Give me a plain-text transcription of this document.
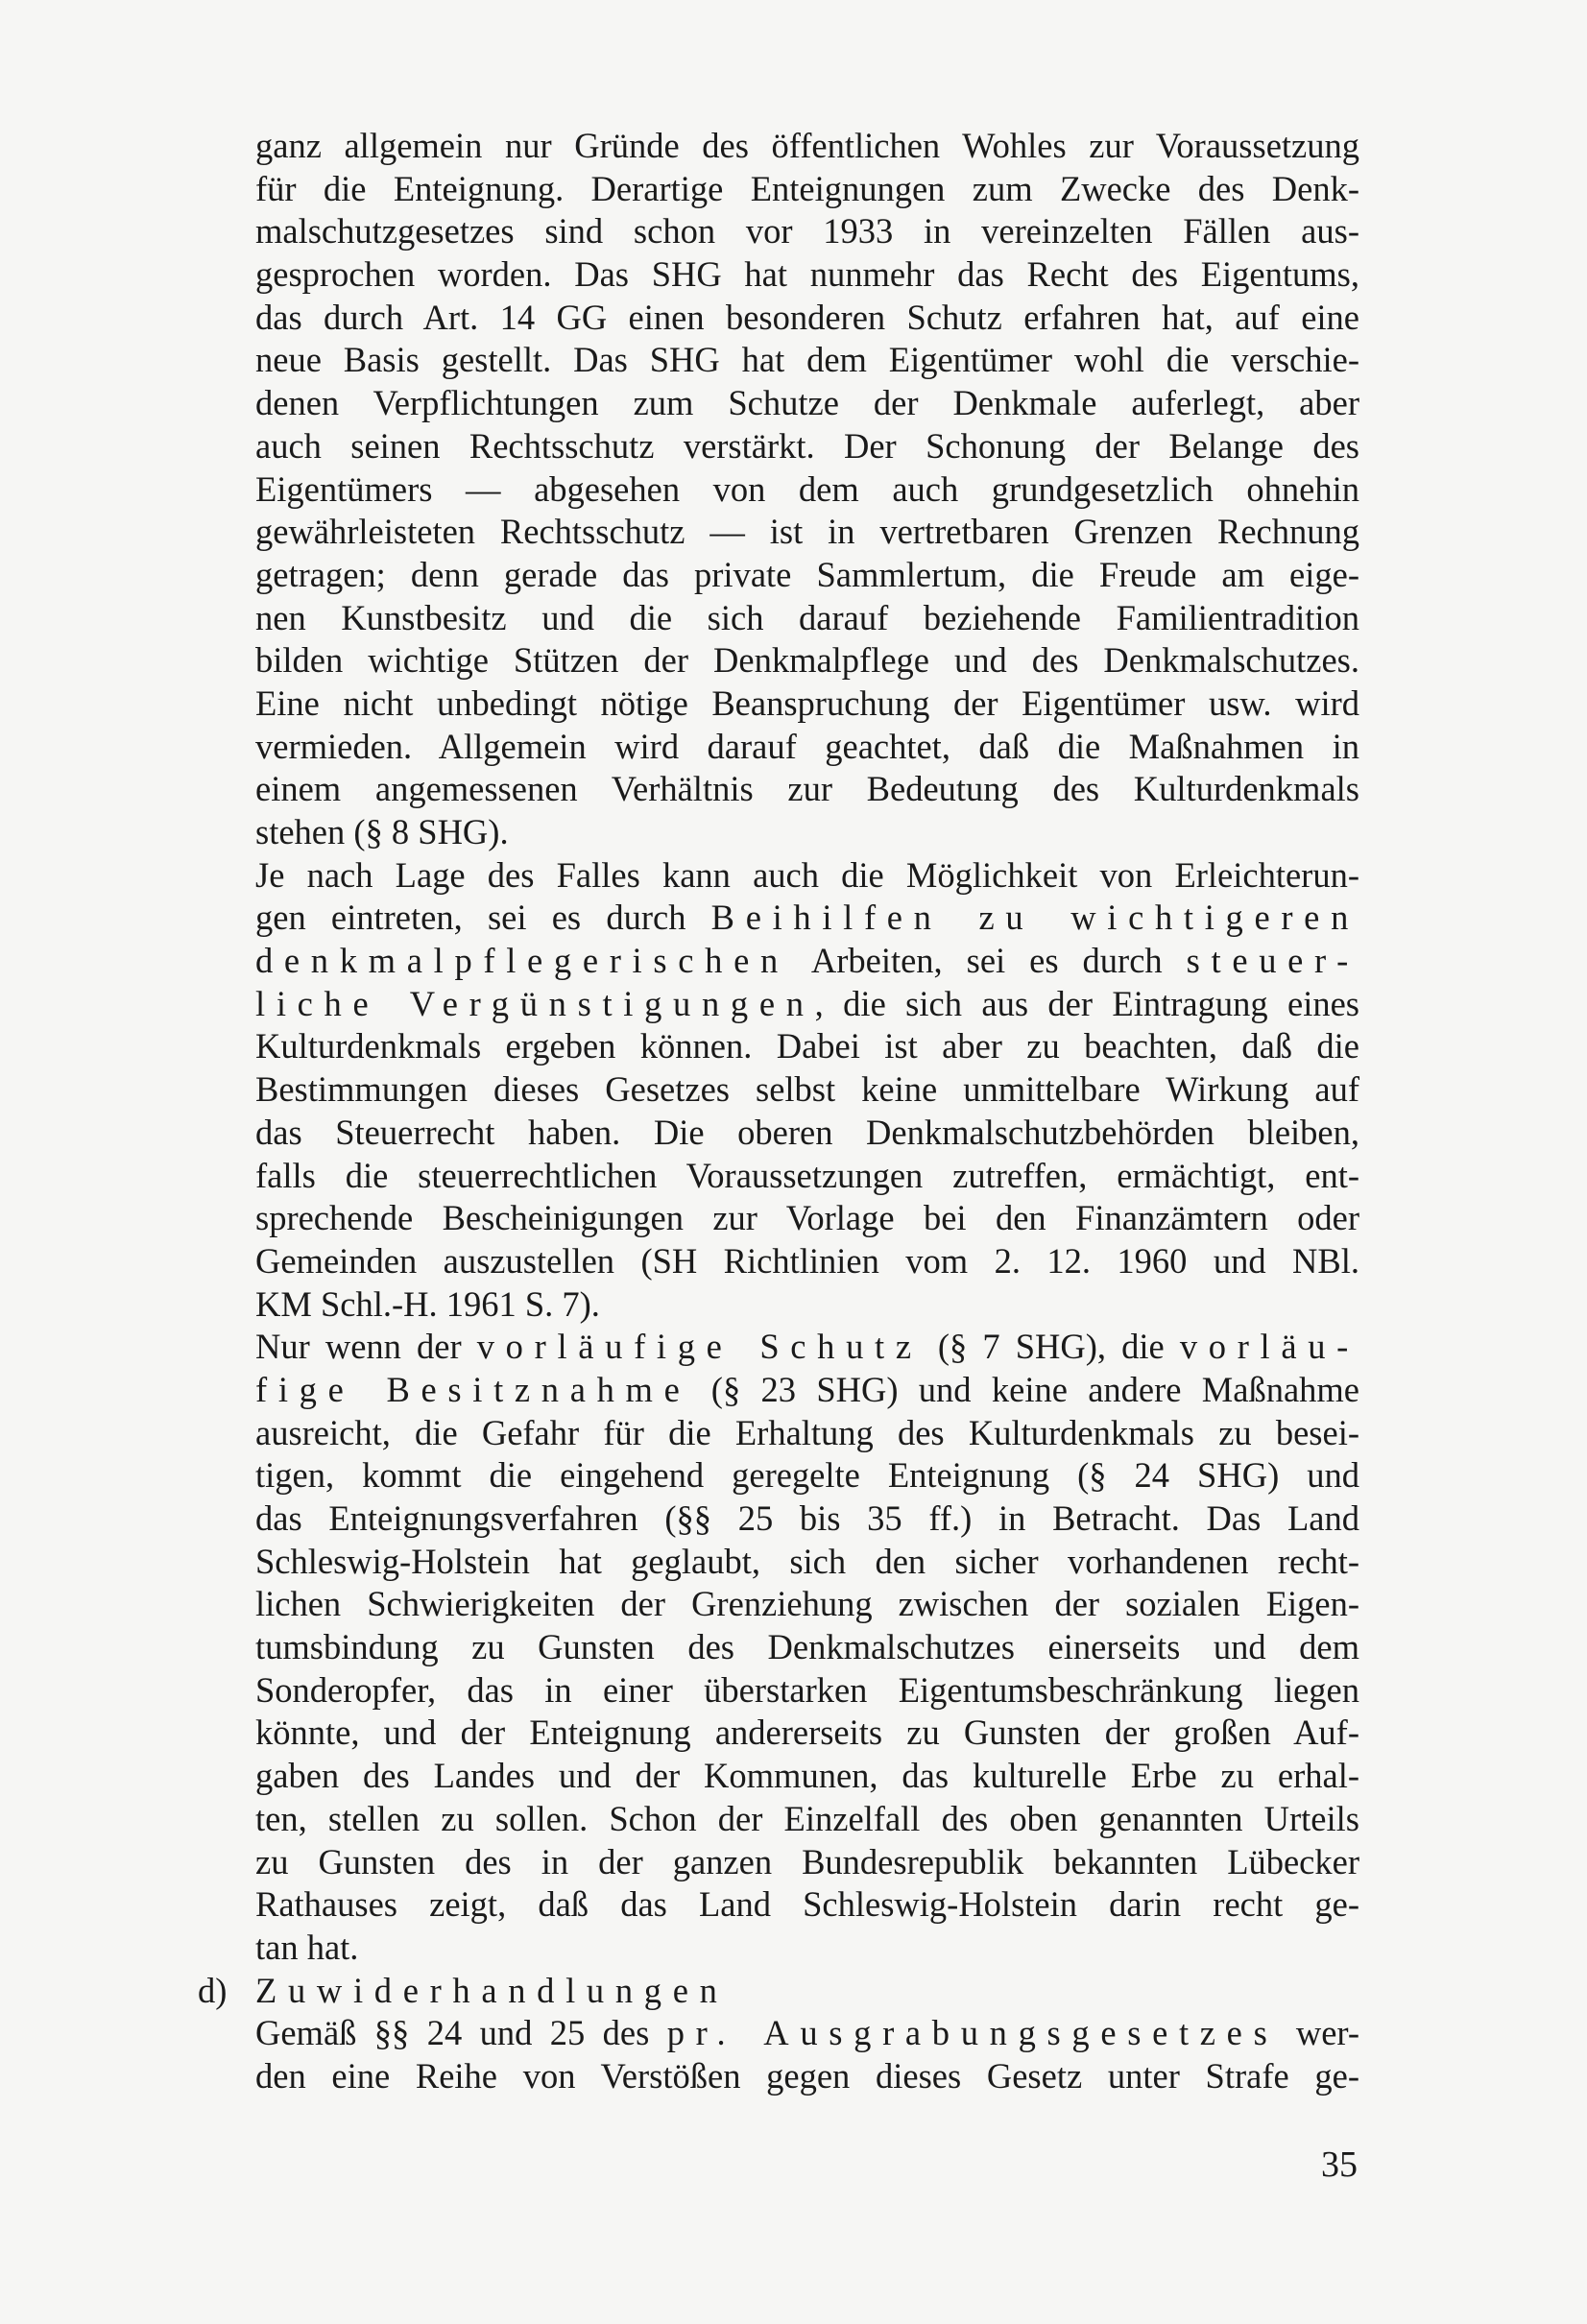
ganz allgemein nur Gründe des öffentlichen Wohles zur Voraussetzung
für die Enteignung. Derartige Enteignungen zum Zwecke des Denk-
malschutzgesetzes sind schon vor 1933 in vereinzelten Fällen aus-
gesprochen worden. Das SHG hat nunmehr das Recht des Eigentums,
das durch Art. 14 GG einen besonderen Schutz erfahren hat, auf eine
neue Basis gestellt. Das SHG hat dem Eigentümer wohl die verschie-
denen Verpflichtungen zum Schutze der Denkmale auferlegt, aber
auch seinen Rechtsschutz verstärkt. Der Schonung der Belange des
Eigentümers — abgesehen von dem auch grundgesetzlich ohnehin
gewährleisteten Rechtsschutz — ist in vertretbaren Grenzen Rechnung
getragen; denn gerade das private Sammlertum, die Freude am eige-
nen Kunstbesitz und die sich darauf beziehende Familientradition
bilden wichtige Stützen der Denkmalpflege und des Denkmalschutzes.
Eine nicht unbedingt nötige Beanspruchung der Eigentümer usw. wird
vermieden. Allgemein wird darauf geachtet, daß die Maßnahmen in
einem angemessenen Verhältnis zur Bedeutung des Kulturdenkmals
stehen (§ 8 SHG).
Je nach Lage des Falles kann auch die Möglichkeit von Erleichterun-
gen eintreten, sei es durch Beihilfen zu wichtigeren
denkmalpflegerischen Arbeiten, sei es durch steuer-
liche Vergünstigungen, die sich aus der Eintragung eines
Kulturdenkmals ergeben können. Dabei ist aber zu beachten, daß die
Bestimmungen dieses Gesetzes selbst keine unmittelbare Wirkung auf
das Steuerrecht haben. Die oberen Denkmalschutzbehörden bleiben,
falls die steuerrechtlichen Voraussetzungen zutreffen, ermächtigt, ent-
sprechende Bescheinigungen zur Vorlage bei den Finanzämtern oder
Gemeinden auszustellen (SH Richtlinien vom 2. 12. 1960 und NBl.
KM Schl.-H. 1961 S. 7).
Nur wenn der vorläufige Schutz (§ 7 SHG), die vorläu-
fige Besitznahme (§ 23 SHG) und keine andere Maßnahme
ausreicht, die Gefahr für die Erhaltung des Kulturdenkmals zu besei-
tigen, kommt die eingehend geregelte Enteignung (§ 24 SHG) und
das Enteignungsverfahren (§§ 25 bis 35 ff.) in Betracht. Das Land
Schleswig-Holstein hat geglaubt, sich den sicher vorhandenen recht-
lichen Schwierigkeiten der Grenziehung zwischen der sozialen Eigen-
tumsbindung zu Gunsten des Denkmalschutzes einerseits und dem
Sonderopfer, das in einer überstarken Eigentumsbeschränkung liegen
könnte, und der Enteignung andererseits zu Gunsten der großen Auf-
gaben des Landes und der Kommunen, das kulturelle Erbe zu erhal-
ten, stellen zu sollen. Schon der Einzelfall des oben genannten Urteils
zu Gunsten des in der ganzen Bundesrepublik bekannten Lübecker
Rathauses zeigt, daß das Land Schleswig-Holstein darin recht ge-
tan hat.
d) Zuwiderhandlungen
Gemäß §§ 24 und 25 des pr. Ausgrabungsgesetzes wer-
den eine Reihe von Verstößen gegen dieses Gesetz unter Strafe ge-
35
